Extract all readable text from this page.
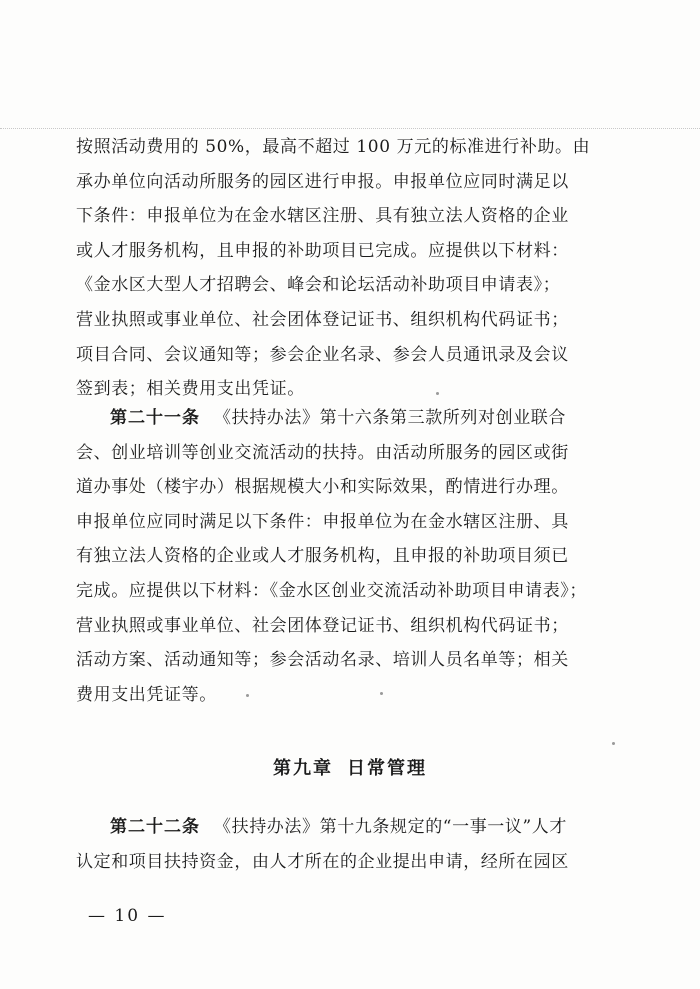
按照活动费用的 50%，最高不超过 100 万元的标准进行补助。由
承办单位向活动所服务的园区进行申报。申报单位应同时满足以
下条件：申报单位为在金水辖区注册、具有独立法人资格的企业
或人才服务机构，且申报的补助项目已完成。应提供以下材料：
《金水区大型人才招聘会、峰会和论坛活动补助项目申请表》；
营业执照或事业单位、社会团体登记证书、组织机构代码证书；
项目合同、会议通知等；参会企业名录、参会人员通讯录及会议
签到表；相关费用支出凭证。
第二十一条 《扶持办法》第十六条第三款所列对创业联合
会、创业培训等创业交流活动的扶持。由活动所服务的园区或街
道办事处（楼宇办）根据规模大小和实际效果，酌情进行办理。
申报单位应同时满足以下条件：申报单位为在金水辖区注册、具
有独立法人资格的企业或人才服务机构，且申报的补助项目须已
完成。应提供以下材料：《金水区创业交流活动补助项目申请表》；
营业执照或事业单位、社会团体登记证书、组织机构代码证书；
活动方案、活动通知等；参会活动名录、培训人员名单等；相关
费用支出凭证等。
第九章 日常管理
第二十二条 《扶持办法》第十九条规定的“一事一议”人才
认定和项目扶持资金，由人才所在的企业提出申请，经所在园区
— 10 —
